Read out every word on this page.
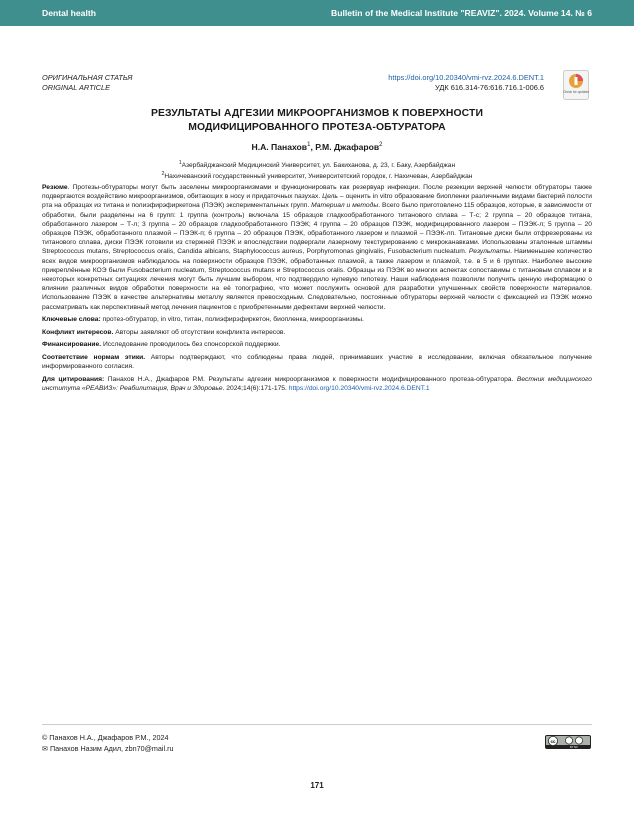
Dental health	Bulletin of the Medical Institute "REAVIZ". 2024. Volume 14. № 6
ОРИГИНАЛЬНАЯ СТАТЬЯ
ORIGINAL ARTICLE
https://doi.org/10.20340/vmi-rvz.2024.6.DENT.1
УДК 616.314-76:616.716.1-006.6	Check for updates
РЕЗУЛЬТАТЫ АДГЕЗИИ МИКРООРГАНИЗМОВ К ПОВЕРХНОСТИ
МОДИФИЦИРОВАННОГО ПРОТЕЗА-ОБТУРАТОРА
Н.А. Панахов$^1$, Р.М. Джафаров$^2$
$^1$Азербайджанский Медицинский Университет, ул. Бакиханова, д. 23, г. Баку, Азербайджан
$^2$Нахичеванский государственный университет, Университетский городок, г. Нахичеван, Азербайджан

Резюме. Протезы-обтураторы могут быть заселены микроорганизмами и функционировать как резервуар инфекции. После резекции верхней челюсти обтураторы также подвергаются воздействию микроорганизмов, обитающих в носу и придаточных пазухах. Цель – оценить in vitro образование биопленки различными видами бактерий полости рта на образцах из титана и полиэфирэфиркетона (ПЭЭК) экспериментальных групп. Материал и методы. Всего было приготовлено 115 образцов, которые, в зависимости от обработки, были разделены на 6 групп: 1 группа (контроль) включала 15 образцов гладкообработанного титанового сплава – Т-с; 2 группа – 20 образцов титана, обработанного лазером – Т-л; 3 группа – 20 образцов гладкообработанного ПЭЭК; 4 группа – 20 образцов ПЭЭК, модифицированного лазером – ПЭЭК-л; 5 группа – 20 образцов ПЭЭК, обработанного плазмой – ПЭЭК-п; 6 группа – 20 образцов ПЭЭК, обработанного лазером и плазмой – ПЭЭК-лп. Титановые диски были отфрезерованы из титанового сплава, диски ПЭЭК готовили из стержней ПЭЭК и впоследствии подвергали лазерному текстурированию с микроканавками. Использованы эталонные штаммы Streptococcus mutans, Streptococcus oralis, Candida albicans, Staphylococcus aureus, Porphyromonas gingivalis, Fusobacterium nucleatum. Результаты. Наименьшее количество всех видов микроорганизмов наблюдалось на поверхности образцов ПЭЭК, обработанных плазмой, а также лазером и плазмой, т.е. в 5 и 6 группах. Наиболее высокие прикреплённые КОЭ были Fusobacterium nucleatum, Streptococcus mutans и Streptococcus oralis. Образцы из ПЭЭК во многих аспектах сопоставимы с титановым сплавом и в некоторых конкретных ситуациях лечения могут быть лучшим выбором, что подтвердило нулевую гипотезу. Наши наблюдения позволили получить ценную информацию о влиянии различных видов обработки поверхности на её топографию, что может послужить основой для разработки улучшенных свойств поверхности материалов. Использование ПЭЭК в качестве альтернативы металлу является превосходным. Следовательно, постоянные обтураторы верхней челюсти с фиксацией из ПЭЭК можно рассматривать как перспективный метод лечения пациентов с приобретенными дефектами верхней челюсти.

Ключевые слова: протез-обтуратор, in vitro, титан, полиэфирэфиркетон, биопленка, микроорганизмы.

Конфликт интересов. Авторы заявляют об отсутствии конфликта интересов.

Финансирование. Исследование проводилось без спонсорской поддержки.

Соответствие нормам этики. Авторы подтверждают, что соблюдены права людей, принимавших участие в исследовании, включая обязательное получение информированного согласия.

Для цитирования: Панахов Н.А., Джафаров Р.М. Результаты адгезии микроорганизмов к поверхности модифицированного протеза-обтуратора. Вестник медицинского института «РЕАВИЗ»: Реабилитация, Врач и Здоровье. 2024;14(6):171-175. https://doi.org/10.20340/vmi-rvz.2024.6.DENT.1

© Панахов Н.А., Джафаров Р.М., 2024
✉ Панахов Назим Адил, zbn70@mail.ru
cc
BY NC
171
